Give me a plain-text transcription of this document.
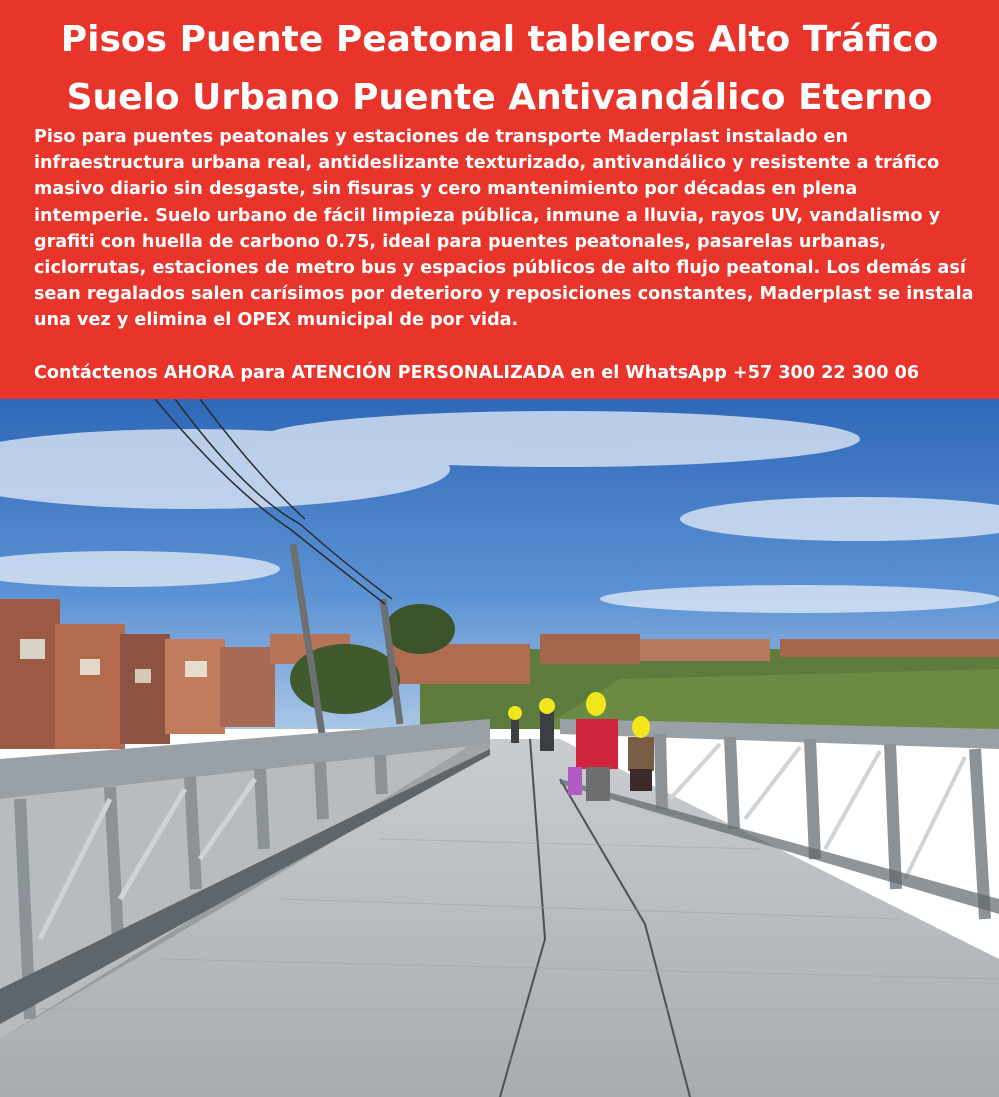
Pisos Puente Peatonal tableros Alto Tráfico
Suelo Urbano Puente Antivandálico Eterno

Piso para puentes peatonales y estaciones de transporte Maderplast instalado en infraestructura urbana real, antideslizante texturizado, antivandálico y resistente a tráfico masivo diario sin desgaste, sin fisuras y cero mantenimiento por décadas en plena intemperie. Suelo urbano de fácil limpieza pública, inmune a lluvia, rayos UV, vandalismo y grafiti con huella de carbono 0.75, ideal para puentes peatonales, pasarelas urbanas, ciclorrutas, estaciones de metro bus y espacios públicos de alto flujo peatonal. Los demás así sean regalados salen carísimos por deterioro y reposiciones constantes, Maderplast se instala una vez y elimina el OPEX municipal de por vida.

Contáctenos AHORA para ATENCIÓN PERSONALIZADA en el WhatsApp +57 300 22 300 06
